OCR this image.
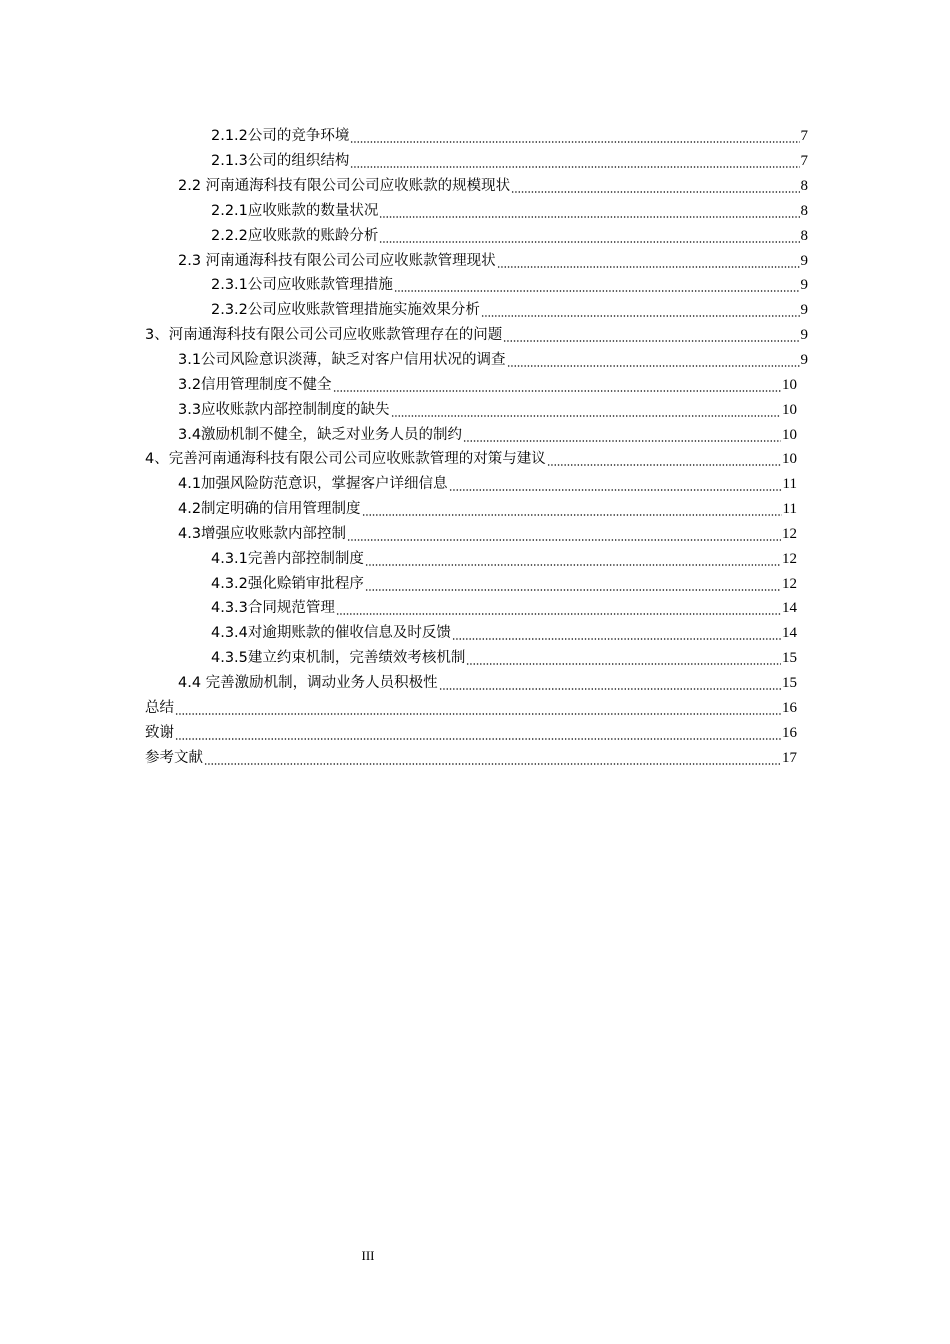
2.1.2公司的竞争环境	7
2.1.3公司的组织结构	7
2.2 河南通海科技有限公司公司应收账款的规模现状	8
2.2.1应收账款的数量状况	8
2.2.2应收账款的账龄分析	8
2.3 河南通海科技有限公司公司应收账款管理现状	9
2.3.1公司应收账款管理措施	9
2.3.2公司应收账款管理措施实施效果分析	9
3、河南通海科技有限公司公司应收账款管理存在的问题	9
3.1公司风险意识淡薄，缺乏对客户信用状况的调查	9
3.2信用管理制度不健全	10
3.3应收账款内部控制制度的缺失	10
3.4激励机制不健全，缺乏对业务人员的制约	10
4、完善河南通海科技有限公司公司应收账款管理的对策与建议	10
4.1加强风险防范意识，掌握客户详细信息	11
4.2制定明确的信用管理制度	11
4.3增强应收账款内部控制	12
4.3.1完善内部控制制度	12
4.3.2强化赊销审批程序	12
4.3.3合同规范管理	14
4.3.4对逾期账款的催收信息及时反馈	14
4.3.5建立约束机制，完善绩效考核机制	15
4.4 完善激励机制，调动业务人员积极性	15
总结	16
致谢	16
参考文献	17
III
